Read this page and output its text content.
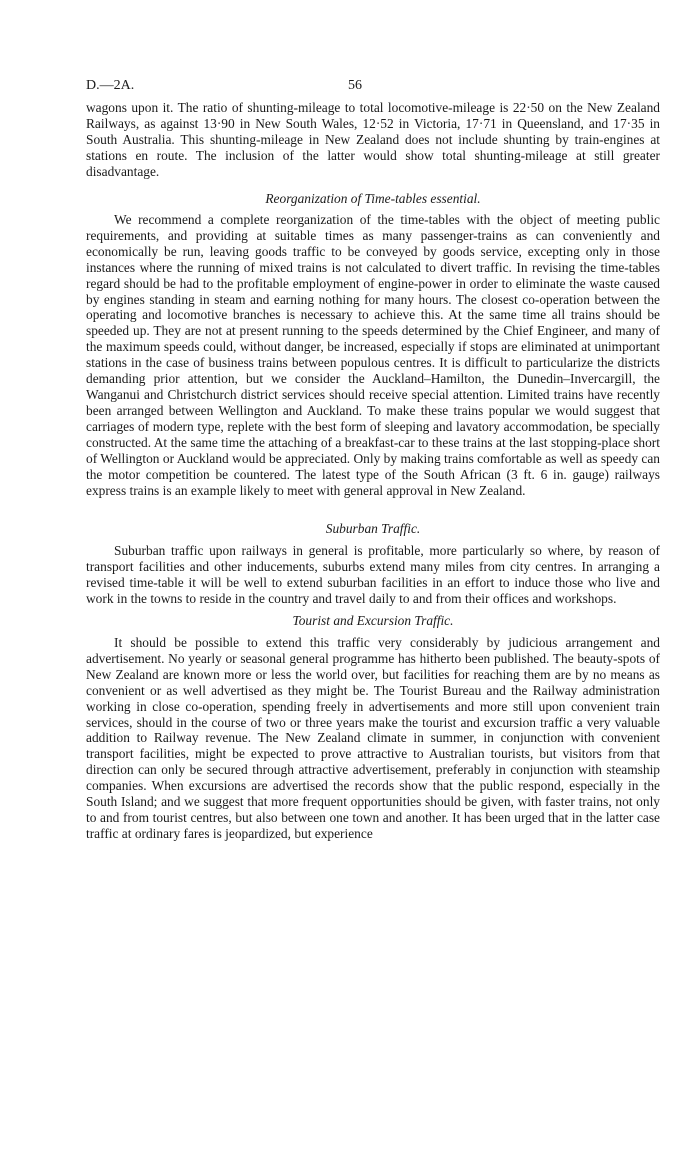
D.—2A.	56

wagons upon it. The ratio of shunting-mileage to total locomotive-mileage is 22·50 on the New Zealand Railways, as against 13·90 in New South Wales, 12·52 in Victoria, 17·71 in Queensland, and 17·35 in South Australia. This shunting-mileage in New Zealand does not include shunting by train-engines at stations en route. The inclusion of the latter would show total shunting-mileage at still greater disadvantage.

Reorganization of Time-tables essential.

We recommend a complete reorganization of the time-tables with the object of meeting public requirements, and providing at suitable times as many passenger-trains as can conveniently and economically be run, leaving goods traffic to be conveyed by goods service, excepting only in those instances where the running of mixed trains is not calculated to divert traffic. In revising the time-tables regard should be had to the profitable employment of engine-power in order to eliminate the waste caused by engines standing in steam and earning nothing for many hours. The closest co-operation between the operating and locomotive branches is necessary to achieve this. At the same time all trains should be speeded up. They are not at present running to the speeds determined by the Chief Engineer, and many of the maximum speeds could, without danger, be increased, especially if stops are eliminated at unimportant stations in the case of business trains between populous centres. It is difficult to particularize the districts demanding prior attention, but we consider the Auckland–Hamilton, the Dunedin–Invercargill, the Wanganui and Christchurch district services should receive special attention. Limited trains have recently been arranged between Wellington and Auckland. To make these trains popular we would suggest that carriages of modern type, replete with the best form of sleeping and lavatory accommodation, be specially constructed. At the same time the attaching of a breakfast-car to these trains at the last stopping-place short of Wellington or Auckland would be appreciated. Only by making trains comfortable as well as speedy can the motor competition be countered. The latest type of the South African (3 ft. 6 in. gauge) railways express trains is an example likely to meet with general approval in New Zealand.

Suburban Traffic.

Suburban traffic upon railways in general is profitable, more particularly so where, by reason of transport facilities and other inducements, suburbs extend many miles from city centres. In arranging a revised time-table it will be well to extend suburban facilities in an effort to induce those who live and work in the towns to reside in the country and travel daily to and from their offices and workshops.

Tourist and Excursion Traffic.

It should be possible to extend this traffic very considerably by judicious arrangement and advertisement. No yearly or seasonal general programme has hitherto been published. The beauty-spots of New Zealand are known more or less the world over, but facilities for reaching them are by no means as convenient or as well advertised as they might be. The Tourist Bureau and the Railway administration working in close co-operation, spending freely in advertisements and more still upon convenient train services, should in the course of two or three years make the tourist and excursion traffic a very valuable addition to Railway revenue. The New Zealand climate in summer, in conjunction with convenient transport facilities, might be expected to prove attractive to Australian tourists, but visitors from that direction can only be secured through attractive advertisement, preferably in conjunction with steamship companies. When excursions are advertised the records show that the public respond, especially in the South Island; and we suggest that more frequent opportunities should be given, with faster trains, not only to and from tourist centres, but also between one town and another. It has been urged that in the latter case traffic at ordinary fares is jeopardized, but experience
